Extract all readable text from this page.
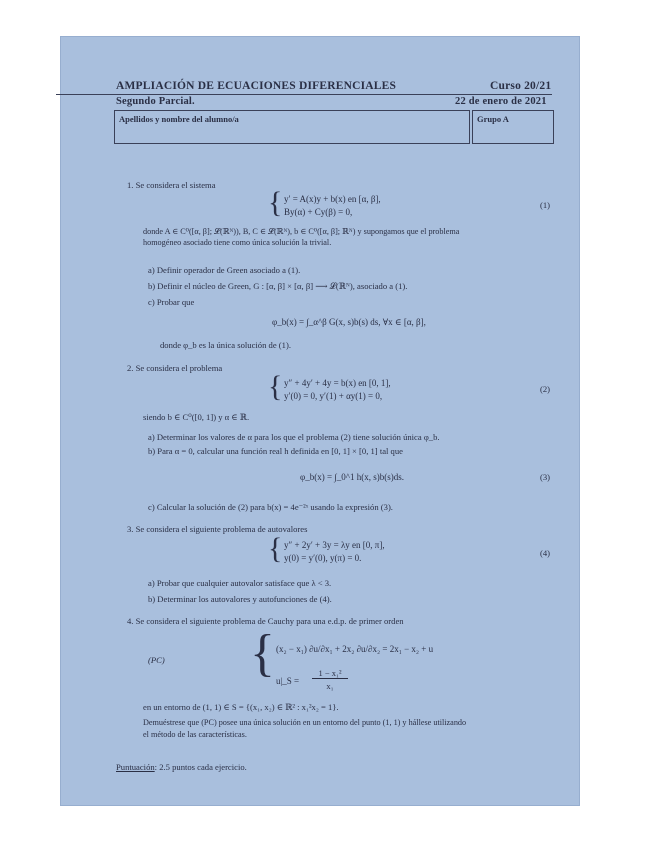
AMPLIACIÓN DE ECUACIONES DIFERENCIALES	Curso 20/21
Segundo Parcial.	22 de enero de 2021
Apellidos y nombre del alumno/a	Grupo A
1. Se considera el sistema
{ y′ = A(x)y + b(x) en [α, β],
By(α) + Cy(β) = 0,
(1)
donde A ∈ C⁰([α, β]; 𝓛(ℝᴺ)), B, C ∈ 𝓛(ℝᴺ), b ∈ C⁰([α, β]; ℝᴺ) y supongamos que el problema
homogéneo asociado tiene como única solución la trivial.
a) Definir operador de Green asociado a (1).
b) Definir el núcleo de Green, G : [α, β] × [α, β] ⟶ 𝓛(ℝᴺ), asociado a (1).
c) Probar que
φ_b(x) = ∫_α^β G(x, s)b(s) ds, ∀x ∈ [α, β],
donde φ_b es la única solución de (1).
2. Se considera el problema
{ y″ + 4y′ + 4y = b(x) en [0, 1],
y′(0) = 0, y′(1) + αy(1) = 0,
(2)
siendo b ∈ C⁰([0, 1]) y α ∈ ℝ.
a) Determinar los valores de α para los que el problema (2) tiene solución única φ_b.
b) Para α = 0, calcular una función real h definida en [0, 1] × [0, 1] tal que
φ_b(x) = ∫_0^1 h(x, s)b(s)ds.	(3)
c) Calcular la solución de (2) para b(x) = 4e⁻²ˣ usando la expresión (3).
3. Se considera el siguiente problema de autovalores
{ y″ + 2y′ + 3y = λy en [0, π],
y(0) = y′(0), y(π) = 0.	(4)
a) Probar que cualquier autovalor satisface que λ < 3.
b) Determinar los autovalores y autofunciones de (4).
4. Se considera el siguiente problema de Cauchy para una e.d.p. de primer orden
(PC) { (x₂ − x₁) ∂u/∂x₁ + 2x₂ ∂u/∂x₂ = 2x₁ − x₂ + u
u|_S =
1 − x₁²
x₁
en un entorno de (1, 1) ∈ S = {(x₁, x₂) ∈ ℝ² : x₁²x₂ = 1}.
Demuéstrese que (PC) posee una única solución en un entorno del punto (1, 1) y hállese utilizando
el método de las características.
Puntuación: 2.5 puntos cada ejercicio.
